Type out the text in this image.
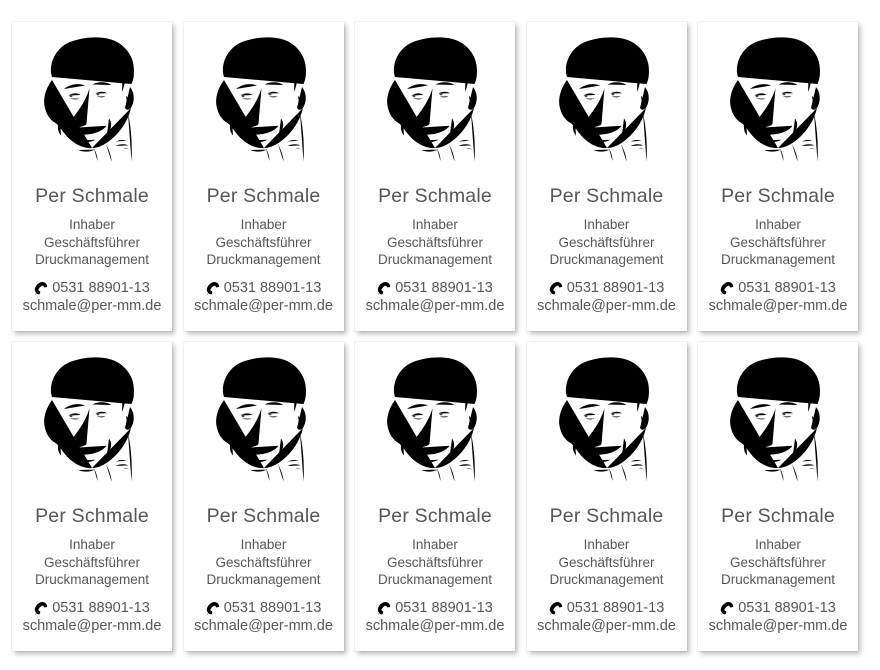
Per Schmale
Inhaber
Geschäftsführer
Druckmanagement
0531 88901-13
schmale@per-mm.de
Per Schmale
Inhaber
Geschäftsführer
Druckmanagement
0531 88901-13
schmale@per-mm.de
Per Schmale
Inhaber
Geschäftsführer
Druckmanagement
0531 88901-13
schmale@per-mm.de
Per Schmale
Inhaber
Geschäftsführer
Druckmanagement
0531 88901-13
schmale@per-mm.de
Per Schmale
Inhaber
Geschäftsführer
Druckmanagement
0531 88901-13
schmale@per-mm.de
Per Schmale
Inhaber
Geschäftsführer
Druckmanagement
0531 88901-13
schmale@per-mm.de
Per Schmale
Inhaber
Geschäftsführer
Druckmanagement
0531 88901-13
schmale@per-mm.de
Per Schmale
Inhaber
Geschäftsführer
Druckmanagement
0531 88901-13
schmale@per-mm.de
Per Schmale
Inhaber
Geschäftsführer
Druckmanagement
0531 88901-13
schmale@per-mm.de
Per Schmale
Inhaber
Geschäftsführer
Druckmanagement
0531 88901-13
schmale@per-mm.de
